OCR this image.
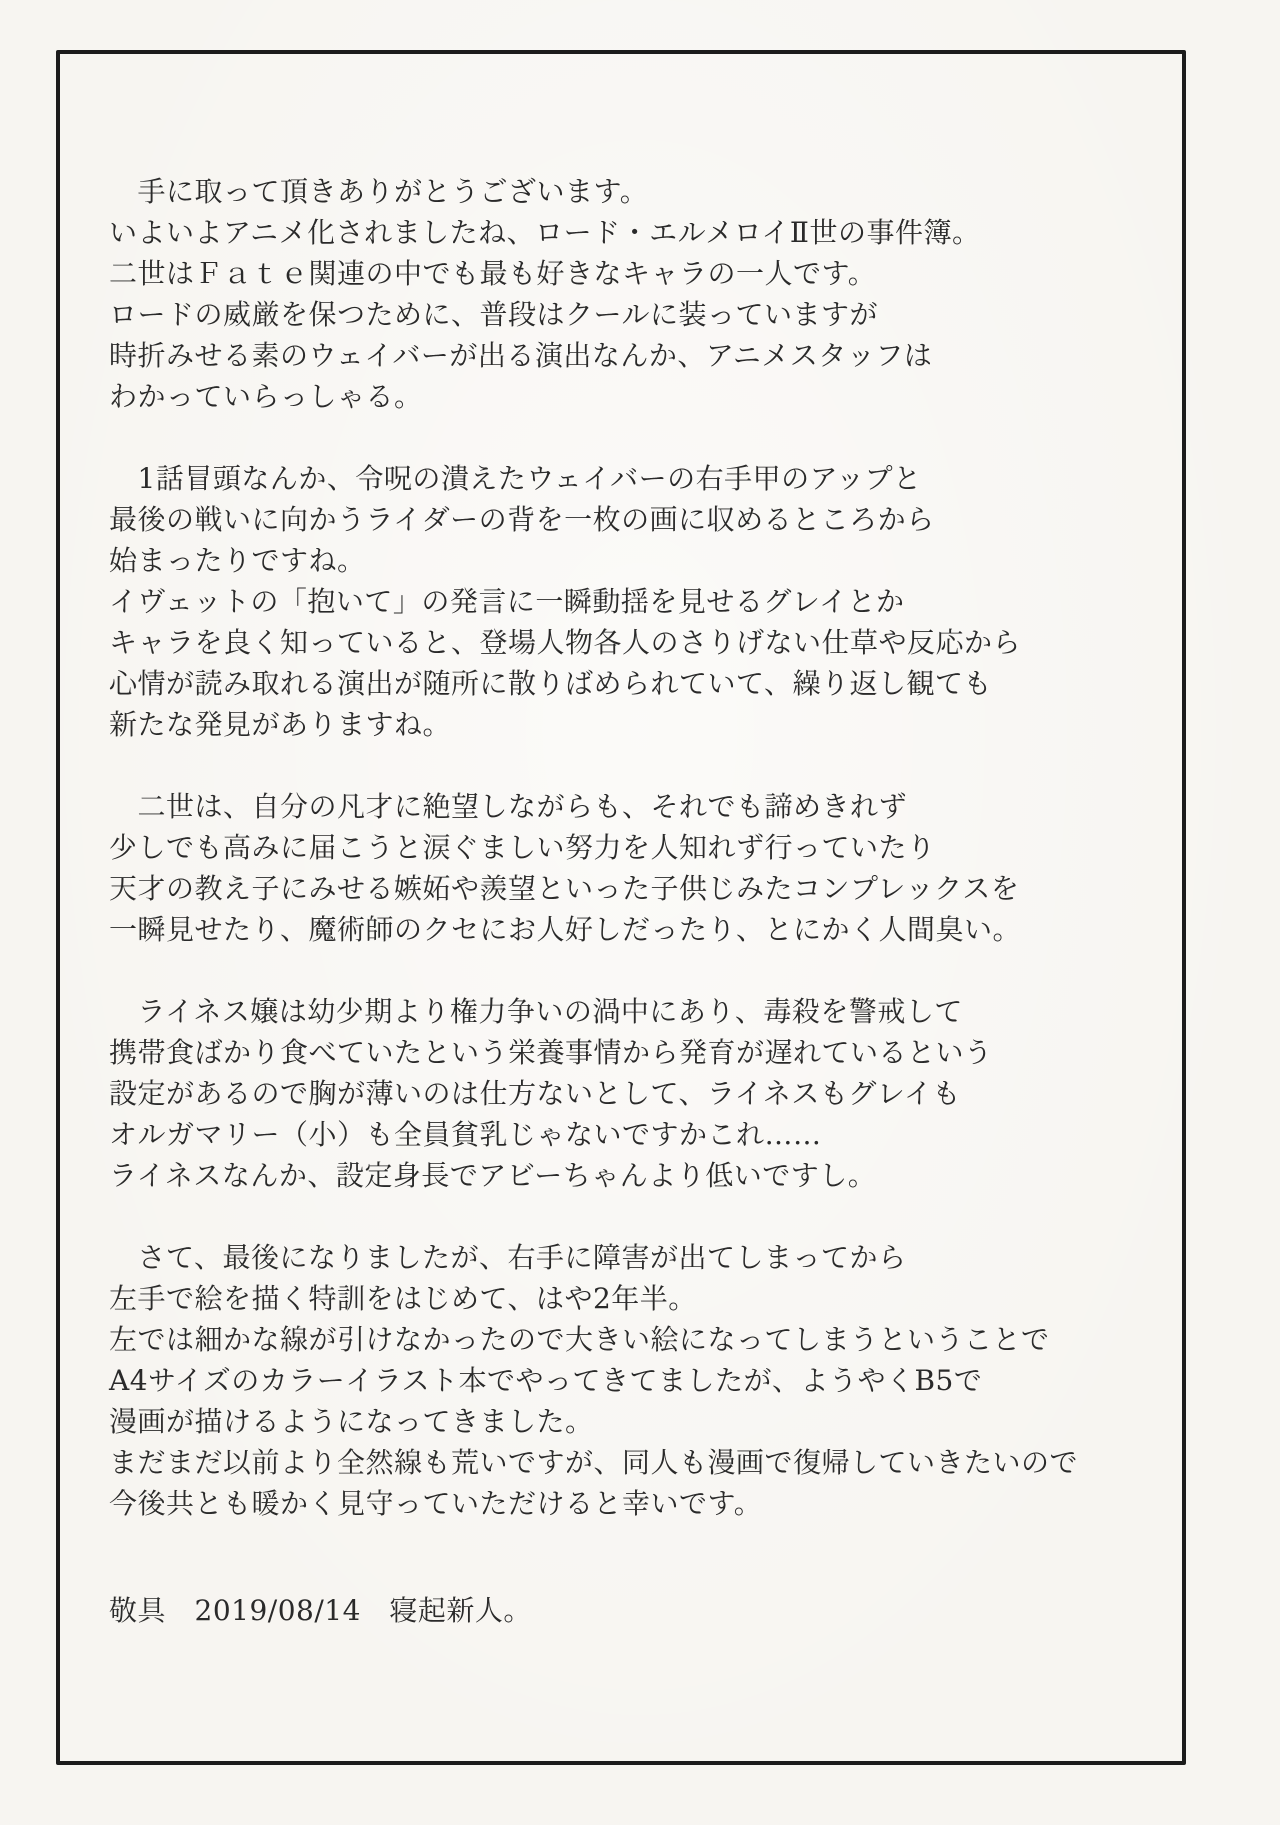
　手に取って頂きありがとうございます。
いよいよアニメ化されましたね、ロード・エルメロイⅡ世の事件簿。
二世はＦａｔｅ関連の中でも最も好きなキャラの一人です。
ロードの威厳を保つために、普段はクールに装っていますが
時折みせる素のウェイバーが出る演出なんか、アニメスタッフは
わかっていらっしゃる。
　1話冒頭なんか、令呪の潰えたウェイバーの右手甲のアップと
最後の戦いに向かうライダーの背を一枚の画に収めるところから
始まったりですね。
イヴェットの「抱いて」の発言に一瞬動揺を見せるグレイとか
キャラを良く知っていると、登場人物各人のさりげない仕草や反応から
心情が読み取れる演出が随所に散りばめられていて、繰り返し観ても
新たな発見がありますね。
　二世は、自分の凡才に絶望しながらも、それでも諦めきれず
少しでも高みに届こうと涙ぐましい努力を人知れず行っていたり
天才の教え子にみせる嫉妬や羨望といった子供じみたコンプレックスを
一瞬見せたり、魔術師のクセにお人好しだったり、とにかく人間臭い。
　ライネス嬢は幼少期より権力争いの渦中にあり、毒殺を警戒して
携帯食ばかり食べていたという栄養事情から発育が遅れているという
設定があるので胸が薄いのは仕方ないとして、ライネスもグレイも
オルガマリー（小）も全員貧乳じゃないですかこれ……
ライネスなんか、設定身長でアビーちゃんより低いですし。
　さて、最後になりましたが、右手に障害が出てしまってから
左手で絵を描く特訓をはじめて、はや2年半。
左では細かな線が引けなかったので大きい絵になってしまうということで
A4サイズのカラーイラスト本でやってきてましたが、ようやくB5で
漫画が描けるようになってきました。
まだまだ以前より全然線も荒いですが、同人も漫画で復帰していきたいので
今後共とも暖かく見守っていただけると幸いです。
敬具　2019/08/14　寝起新人。
